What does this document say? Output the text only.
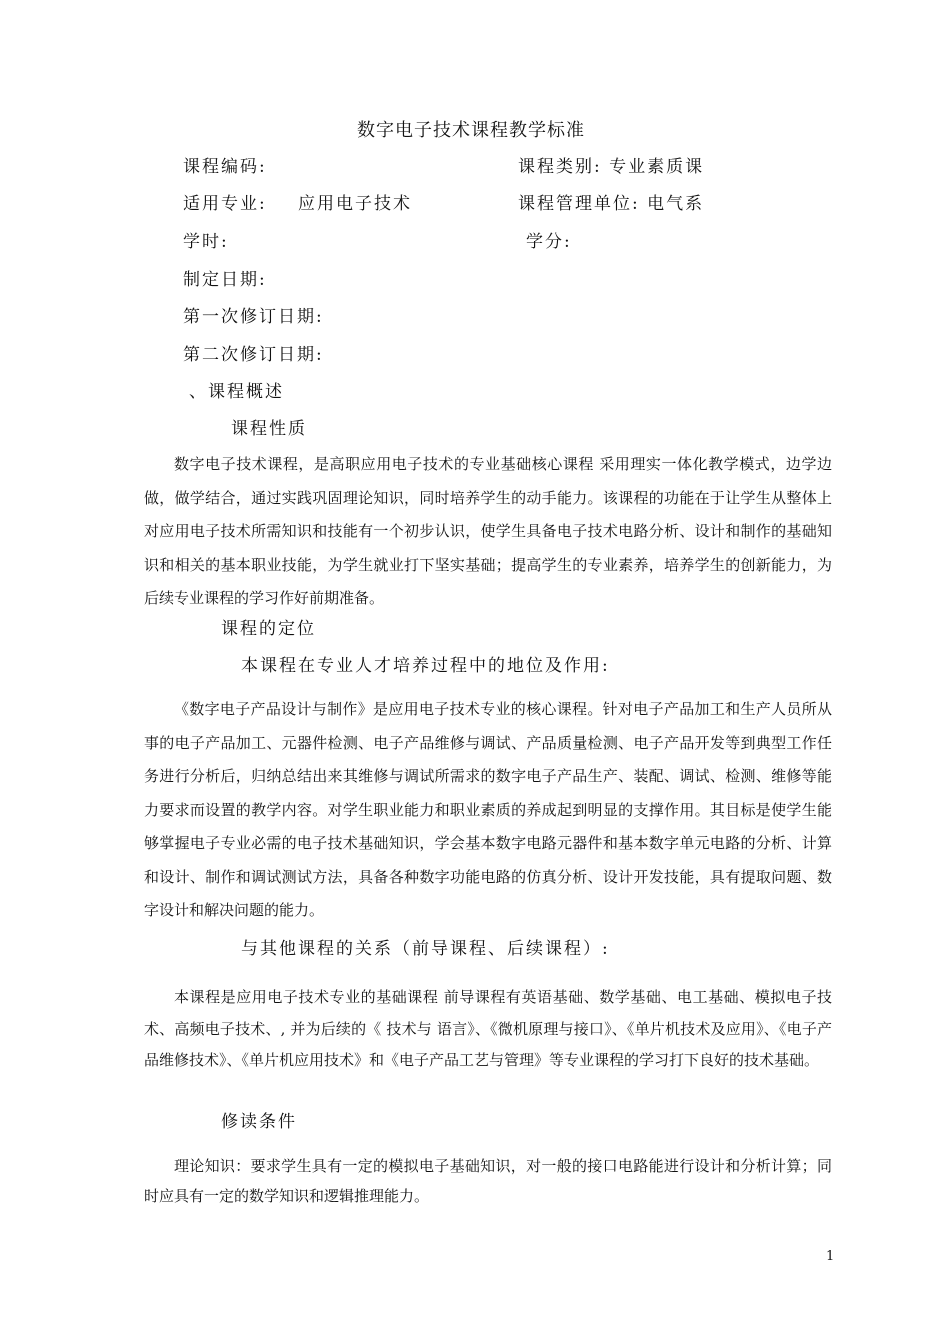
数字电子技术课程教学标准
课程编码:	课程类别: 专业素质课
适用专业: 应用电子技术	课程管理单位: 电气系
学时:	学分:
制定日期:
第一次修订日期:
第二次修订日期:
、课程概述
课程性质

数字电子技术课程，是高职应用电子技术的专业基础核心课程 采用理实一体化教学模式，边学边做，做学结合，通过实践巩固理论知识，同时培养学生的动手能力。该课程的功能在于让学生从整体上对应用电子技术所需知识和技能有一个初步认识，使学生具备电子技术电路分析、设计和制作的基础知识和相关的基本职业技能，为学生就业打下坚实基础；提高学生的专业素养，培养学生的创新能力，为后续专业课程的学习作好前期准备。

课程的定位
本课程在专业人才培养过程中的地位及作用:

《数字电子产品设计与制作》是应用电子技术专业的核心课程。针对电子产品加工和生产人员所从事的电子产品加工、元器件检测、电子产品维修与调试、产品质量检测、电子产品开发等到典型工作任务进行分析后，归纳总结出来其维修与调试所需求的数字电子产品生产、装配、调试、检测、维修等能力要求而设置的教学内容。对学生职业能力和职业素质的养成起到明显的支撑作用。其目标是使学生能够掌握电子专业必需的电子技术基础知识，学会基本数字电路元器件和基本数字单元电路的分析、计算和设计、制作和调试测试方法，具备各种数字功能电路的仿真分析、设计开发技能，具有提取问题、数字设计和解决问题的能力。

与其他课程的关系（前导课程、后续课程）:

本课程是应用电子技术专业的基础课程 前导课程有英语基础、数学基础、电工基础、模拟电子技术、高频电子技术、, 并为后续的《 技术与 语言》、《微机原理与接口》、《单片机技术及应用》、《电子产品维修技术》、《单片机应用技术》和《电子产品工艺与管理》等专业课程的学习打下良好的技术基础。

修读条件

理论知识：要求学生具有一定的模拟电子基础知识，对一般的接口电路能进行设计和分析计算；同时应具有一定的数学知识和逻辑推理能力。

1
